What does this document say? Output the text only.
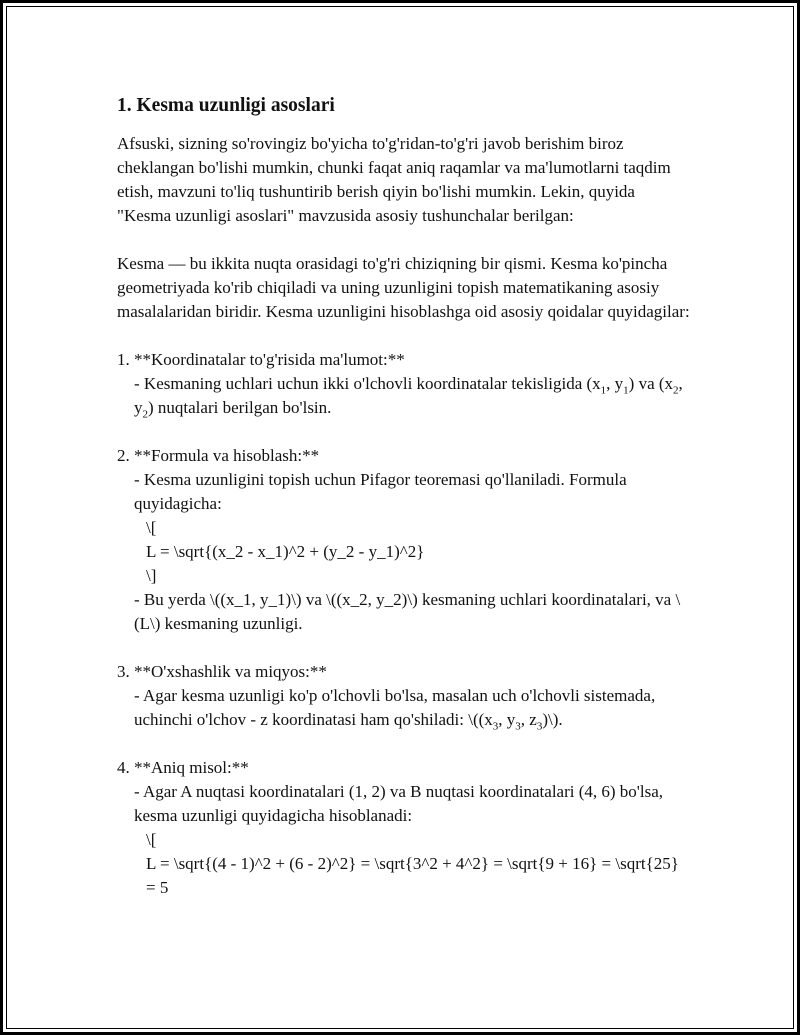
1. Kesma uzunligi asoslari

Afsuski, sizning so'rovingiz bo'yicha to'g'ridan-to'g'ri javob berishim biroz cheklangan bo'lishi mumkin, chunki faqat aniq raqamlar va ma'lumotlarni taqdim etish, mavzuni to'liq tushuntirib berish qiyin bo'lishi mumkin. Lekin, quyida "Kesma uzunligi asoslari" mavzusida asosiy tushunchalar berilgan:

Kesma — bu ikkita nuqta orasidagi to'g'ri chiziqning bir qismi. Kesma ko'pincha geometriyada ko'rib chiqiladi va uning uzunligini topish matematikaning asosiy masalalaridan biridir. Kesma uzunligini hisoblashga oid asosiy qoidalar quyidagilar:

1. **Koordinatalar to'g'risida ma'lumot:**

- Kesmaning uchlari uchun ikki o'lchovli koordinatalar tekisligida ($x_1$, $y_1$) va ($x_2$, $y_2$) nuqtalari berilgan bo'lsin.

2. **Formula va hisoblash:**

- Kesma uzunligini topish uchun Pifagor teoremasi qo'llaniladi. Formula quyidagicha:

\[

L = \sqrt{(x_2 - x_1)^2 + (y_2 - y_1)^2}

\]

- Bu yerda \((x_1, y_1)\) va \((x_2, y_2)\) kesmaning uchlari koordinatalari, va \(L\) kesmaning uzunligi.

3. **O'xshashlik va miqyos:**

- Agar kesma uzunligi ko'p o'lchovli bo'lsa, masalan uch o'lchovli sistemada, uchinchi o'lchov - z koordinatasi ham qo'shiladi: $\backslash((x_3$, $y_3$, $z_3)\backslash$).

4. **Aniq misol:**

- Agar A nuqtasi koordinatalari (1, 2) va B nuqtasi koordinatalari (4, 6) bo'lsa, kesma uzunligi quyidagicha hisoblanadi:

\[

L = \sqrt{(4 - 1)^2 + (6 - 2)^2} = \sqrt{3^2 + 4^2} = \sqrt{9 + 16} = \sqrt{25} = 5
